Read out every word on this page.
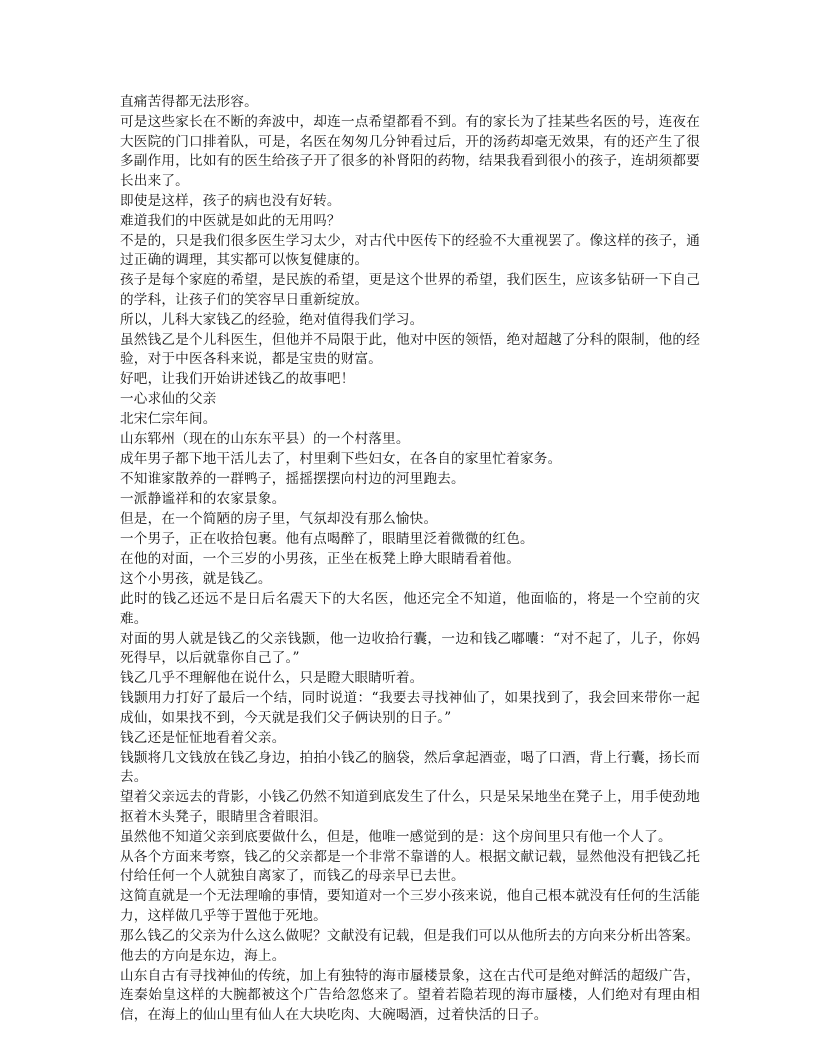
直痛苦得都无法形容。

可是这些家长在不断的奔波中，却连一点希望都看不到。有的家长为了挂某些名医的号，连夜在大医院的门口排着队，可是，名医在匆匆几分钟看过后，开的汤药却毫无效果，有的还产生了很多副作用，比如有的医生给孩子开了很多的补肾阳的药物，结果我看到很小的孩子，连胡须都要长出来了。

即使是这样，孩子的病也没有好转。

难道我们的中医就是如此的无用吗？

不是的，只是我们很多医生学习太少，对古代中医传下的经验不大重视罢了。像这样的孩子，通过正确的调理，其实都可以恢复健康的。

孩子是每个家庭的希望，是民族的希望，更是这个世界的希望，我们医生，应该多钻研一下自己的学科，让孩子们的笑容早日重新绽放。

所以，儿科大家钱乙的经验，绝对值得我们学习。

虽然钱乙是个儿科医生，但他并不局限于此，他对中医的领悟，绝对超越了分科的限制，他的经验，对于中医各科来说，都是宝贵的财富。

好吧，让我们开始讲述钱乙的故事吧！

一心求仙的父亲

北宋仁宗年间。

山东郓州（现在的山东东平县）的一个村落里。

成年男子都下地干活儿去了，村里剩下些妇女，在各自的家里忙着家务。

不知谁家散养的一群鸭子，摇摇摆摆向村边的河里跑去。

一派静谧祥和的农家景象。

但是，在一个简陋的房子里，气氛却没有那么愉快。

一个男子，正在收拾包裹。他有点喝醉了，眼睛里泛着微微的红色。

在他的对面，一个三岁的小男孩，正坐在板凳上睁大眼睛看着他。

这个小男孩，就是钱乙。

此时的钱乙还远不是日后名震天下的大名医，他还完全不知道，他面临的，将是一个空前的灾难。

对面的男人就是钱乙的父亲钱颢，他一边收拾行囊，一边和钱乙嘟囔：“对不起了，儿子，你妈死得早，以后就靠你自己了。”

钱乙几乎不理解他在说什么，只是瞪大眼睛听着。

钱颢用力打好了最后一个结，同时说道：“我要去寻找神仙了，如果找到了，我会回来带你一起成仙，如果找不到，今天就是我们父子俩诀别的日子。”

钱乙还是怔怔地看着父亲。

钱颢将几文钱放在钱乙身边，拍拍小钱乙的脑袋，然后拿起酒壶，喝了口酒，背上行囊，扬长而去。

望着父亲远去的背影，小钱乙仍然不知道到底发生了什么，只是呆呆地坐在凳子上，用手使劲地抠着木头凳子，眼睛里含着眼泪。

虽然他不知道父亲到底要做什么，但是，他唯一感觉到的是：这个房间里只有他一个人了。

从各个方面来考察，钱乙的父亲都是一个非常不靠谱的人。根据文献记载，显然他没有把钱乙托付给任何一个人就独自离家了，而钱乙的母亲早已去世。

这简直就是一个无法理喻的事情，要知道对一个三岁小孩来说，他自己根本就没有任何的生活能力，这样做几乎等于置他于死地。

那么钱乙的父亲为什么这么做呢？文献没有记载，但是我们可以从他所去的方向来分析出答案。

他去的方向是东边，海上。

山东自古有寻找神仙的传统，加上有独特的海市蜃楼景象，这在古代可是绝对鲜活的超级广告，连秦始皇这样的大腕都被这个广告给忽悠来了。望着若隐若现的海市蜃楼，人们绝对有理由相信，在海上的仙山里有仙人在大块吃肉、大碗喝酒，过着快活的日子。
